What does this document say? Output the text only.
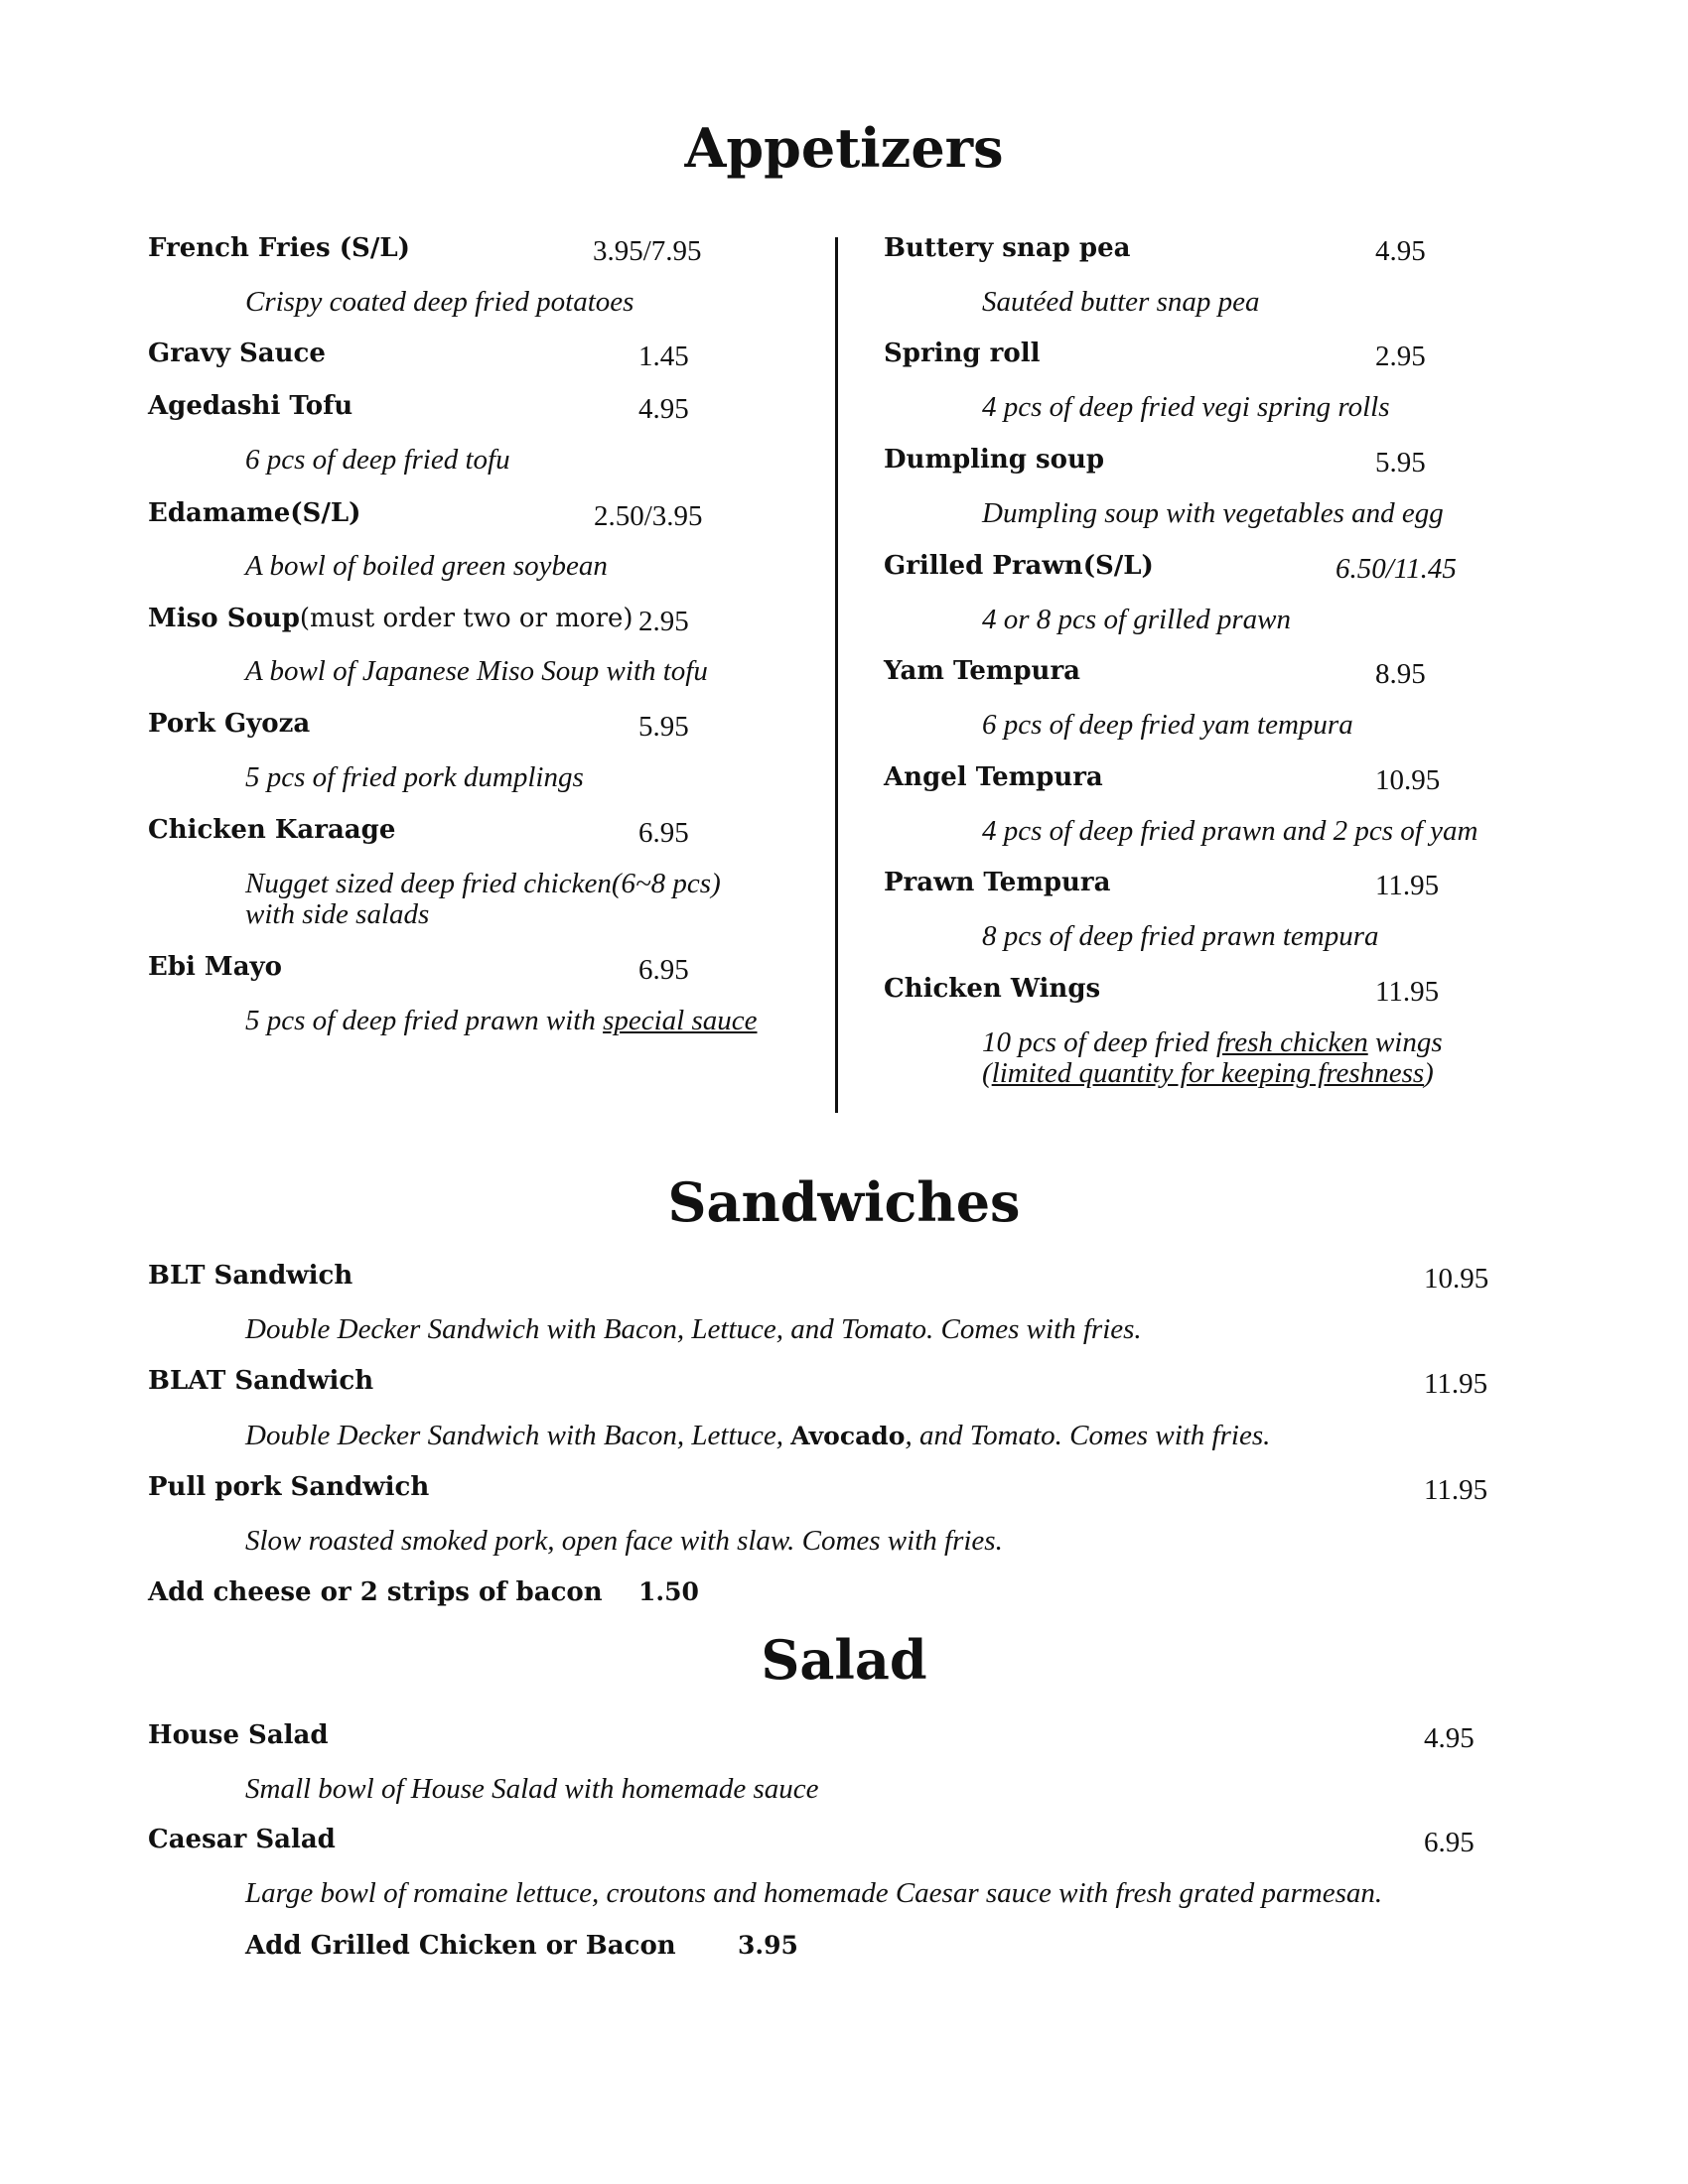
Appetizers
French Fries (S/L)	3.95/7.95
Crispy coated deep fried potatoes
Gravy Sauce	1.45
Agedashi Tofu	4.95
6 pcs of deep fried tofu
Edamame(S/L)	2.50/3.95
A bowl of boiled green soybean
Miso Soup(must order two or more) 2.95
A bowl of Japanese Miso Soup with tofu
Pork Gyoza	5.95
5 pcs of fried pork dumplings
Chicken Karaage	6.95
Nugget sized deep fried chicken(6~8 pcs)
with side salads
Ebi Mayo	6.95
5 pcs of deep fried prawn with special sauce
Buttery snap pea	4.95
Sautéed butter snap pea
Spring roll	2.95
4 pcs of deep fried vegi spring rolls
Dumpling soup	5.95
Dumpling soup with vegetables and egg
Grilled Prawn(S/L)	6.50/11.45
4 or 8 pcs of grilled prawn
Yam Tempura	8.95
6 pcs of deep fried yam tempura
Angel Tempura	10.95
4 pcs of deep fried prawn and 2 pcs of yam
Prawn Tempura	11.95
8 pcs of deep fried prawn tempura
Chicken Wings	11.95
10 pcs of deep fried fresh chicken wings
(limited quantity for keeping freshness)
Sandwiches
BLT Sandwich	10.95
Double Decker Sandwich with Bacon, Lettuce, and Tomato. Comes with fries.
BLAT Sandwich	11.95
Double Decker Sandwich with Bacon, Lettuce, Avocado, and Tomato. Comes with fries.
Pull pork Sandwich	11.95
Slow roasted smoked pork, open face with slaw. Comes with fries.
Add cheese or 2 strips of bacon 1.50
Salad
House Salad	4.95
Small bowl of House Salad with homemade sauce
Caesar Salad	6.95
Large bowl of romaine lettuce, croutons and homemade Caesar sauce with fresh grated parmesan.
Add Grilled Chicken or Bacon 3.95
